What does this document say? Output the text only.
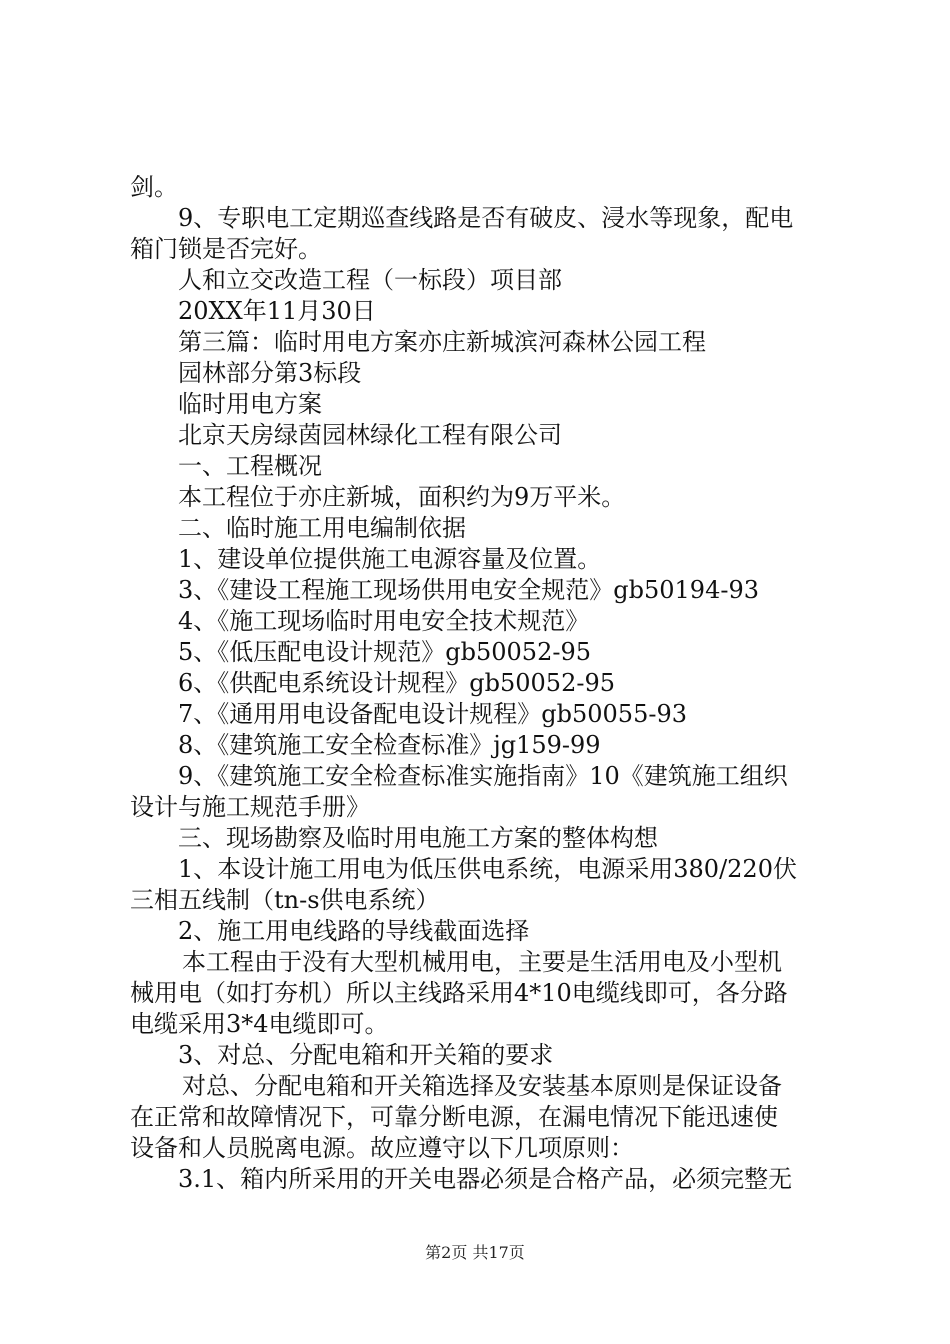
剑。
9、专职电工定期巡查线路是否有破皮、浸水等现象，配电
箱门锁是否完好。
人和立交改造工程（一标段）项目部
20XX年11月30日
第三篇：临时用电方案亦庄新城滨河森林公园工程
园林部分第3标段
临时用电方案
北京天房绿茵园林绿化工程有限公司
一、工程概况
本工程位于亦庄新城，面积约为9万平米。
二、临时施工用电编制依据
1、建设单位提供施工电源容量及位置。
3、《建设工程施工现场供用电安全规范》gb50194-93
4、《施工现场临时用电安全技术规范》
5、《低压配电设计规范》gb50052-95
6、《供配电系统设计规程》gb50052-95
7、《通用用电设备配电设计规程》gb50055-93
8、《建筑施工安全检查标准》jg159-99
9、《建筑施工安全检查标准实施指南》10《建筑施工组织
设计与施工规范手册》
三、现场勘察及临时用电施工方案的整体构想
1、本设计施工用电为低压供电系统，电源采用380/220伏
三相五线制（tn-s供电系统）
2、施工用电线路的导线截面选择
本工程由于没有大型机械用电，主要是生活用电及小型机
械用电（如打夯机）所以主线路采用4*10电缆线即可，各分路
电缆采用3*4电缆即可。
3、对总、分配电箱和开关箱的要求
对总、分配电箱和开关箱选择及安装基本原则是保证设备
在正常和故障情况下，可靠分断电源，在漏电情况下能迅速使
设备和人员脱离电源。故应遵守以下几项原则：
3.1、箱内所采用的开关电器必须是合格产品，必须完整无
第2页 共17页
